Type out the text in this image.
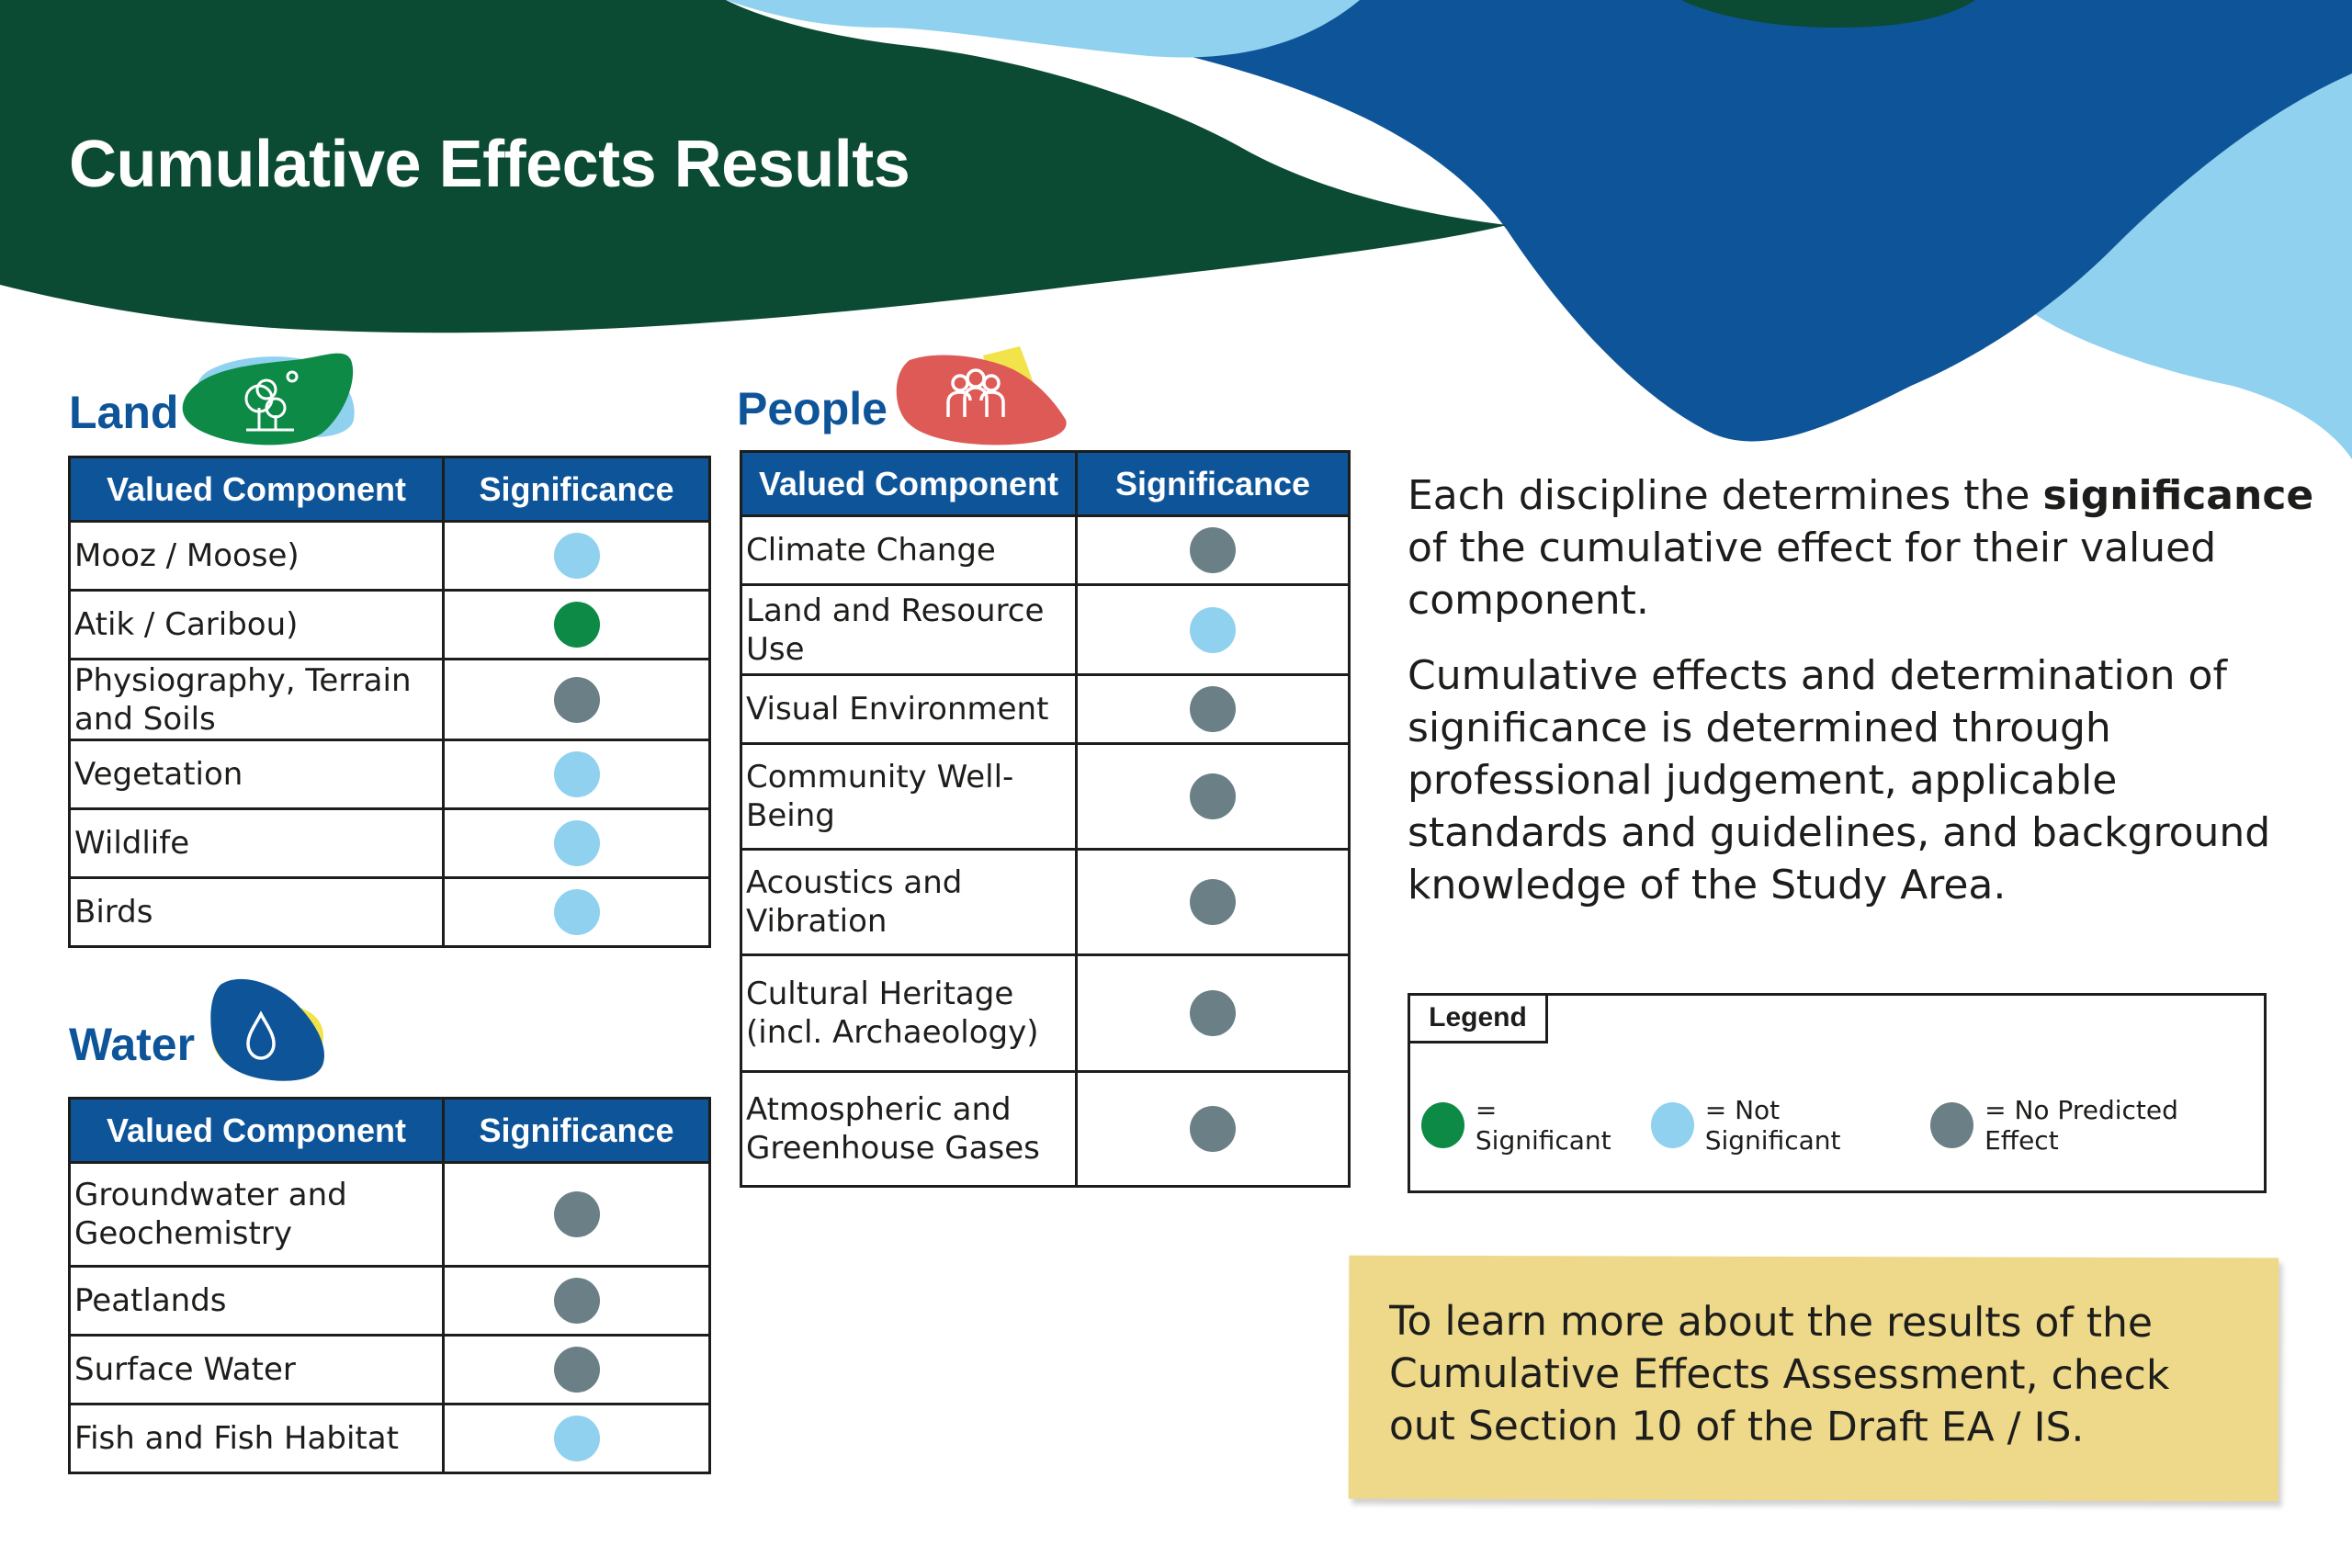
Cumulative Effects Results
Land
Valued Component	Significance
Mooz / Moose)	
Atik / Caribou)	
Physiography, Terrain and Soils	
Vegetation	
Wildlife	
Birds	
Water
Valued Component	Significance
Groundwater and Geochemistry	
Peatlands	
Surface Water	
Fish and Fish Habitat	
People
Valued Component	Significance
Climate Change	
Land and Resource Use	
Visual Environment	
Community Well-Being	
Acoustics and Vibration	
Cultural Heritage (incl. Archaeology)	
Atmospheric and Greenhouse Gases	

Each discipline determines the significance of the cumulative effect for their valued component.

Cumulative effects and determination of significance is determined through professional judgement, applicable standards and guidelines, and background knowledge of the Study Area.

Legend
= Significant
= Not Significant
= No Predicted Effect

To learn more about the results of the Cumulative Effects Assessment, check out Section 10 of the Draft EA / IS.
